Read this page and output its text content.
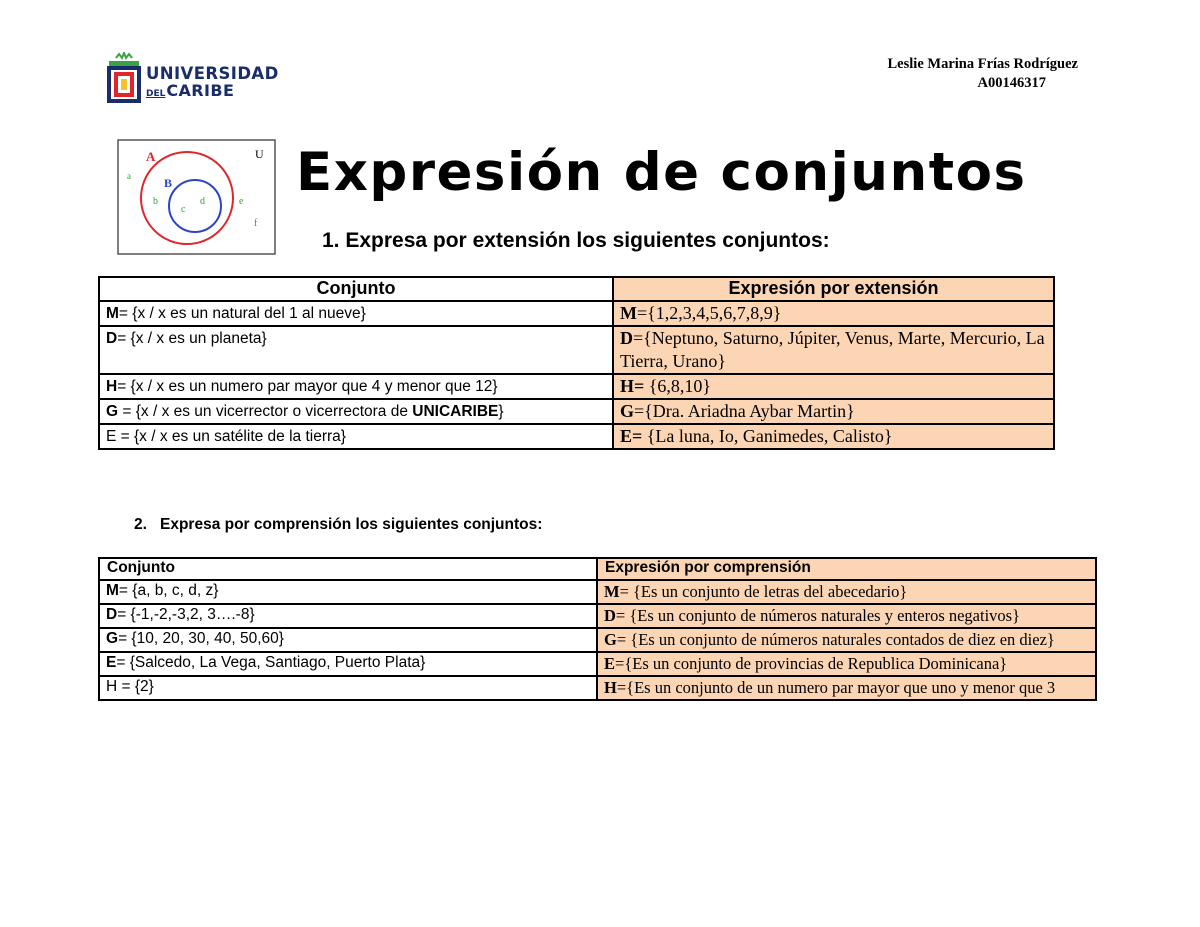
UNIVERSIDAD
DELCARIBE
Leslie Marina Frías Rodríguez
A00146317
U
A
B
a
b
c
d	e
f
Expresión de conjuntos
1. Expresa por extensión los siguientes conjuntos:
Conjunto	Expresión por extensión
M= {x / x es un natural del 1 al nueve}	M={1,2,3,4,5,6,7,8,9}
D= {x / x es un planeta}	D={Neptuno, Saturno, Júpiter, Venus, Marte, Mercurio, La Tierra, Urano}
H= {x / x es un numero par mayor que 4 y menor que 12}	H= {6,8,10}
G = {x / x es un vicerrector o vicerrectora de UNICARIBE}	G={Dra. Ariadna Aybar Martin}
E = {x / x es un satélite de la tierra}	E= {La luna, Io, Ganimedes, Calisto}
2. Expresa por comprensión los siguientes conjuntos:
Conjunto	Expresión por comprensión
M= {a, b, c, d, z}	M= {Es un conjunto de letras del abecedario}
D= {-1,-2,-3,2, 3….-8}	D= {Es un conjunto de números naturales y enteros negativos}
G= {10, 20, 30, 40, 50,60}	G= {Es un conjunto de números naturales contados de diez en diez}
E= {Salcedo, La Vega, Santiago, Puerto Plata}	E={Es un conjunto de provincias de Republica Dominicana}
H = {2}	H={Es un conjunto de un numero par mayor que uno y menor que 3
